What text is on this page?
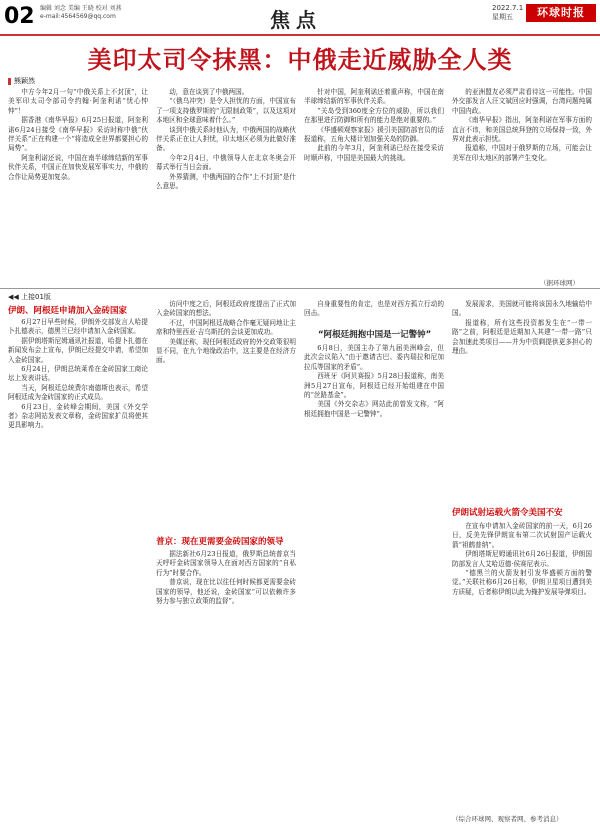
02 编辑 刘念 美编 王晓 校对 刘燕
e-mail:4564569@qq.com	焦点	2022.7.1
星期五	环球时报
美印太司令抹黑：中俄走近威胁全人类
熊颖然

中方今年2月一句“中俄关系上不封顶”，让美军印太司令部司令约翰·阿奎利诺“忧心忡忡”！

据香港《南华早报》6月25日报道，阿奎利诺6月24日接受《南华早报》采访时称中俄“伙伴关系”正在构建一个“将造成全世界都要担心的局势”。

阿奎利诺还说，中国在南半球缔结新的军事伙伴关系，中国正在加快发展军事实力，中俄的合作让局势更加复杂。

动，意在谈到了中俄两国。

“（俄乌冲突）是令人担忧的方面，中国宣布了一项支持俄罗斯的“无限制政策”，以及这项对本地区和全球意味着什么。”

谈到中俄关系时他认为，中俄两国的战略伙伴关系正在让人担忧，印太地区必须为此做好准备。

今年2月4日，中俄领导人在北京冬奥会开幕式举行当日会面。

外界猜测，中俄两国的合作“上不封顶”是什么意思。

针对中国，阿奎利诺还着重声称，中国在南半球缔结新的军事伙伴关系。

“关岛受到360度全方位的威胁，所以我们在那里进行防御和所有的能力是绝对重要的。”

《华盛顿观察家报》援引美国防部官员的话报道称，五角大楼计划加强关岛的防御。

此前的今年3月，阿奎利诺已经在接受采访时顺声称，中国是美国最大的挑战。

的亚洲盟友必须严肃看待这一可能性。中国外交部发言人汪文斌回应时强调，台湾问题纯属中国内政。

《南华早报》指出，阿奎利诺在军事方面的直言不讳，和美国总统拜登的立场保持一致，外界对此表示担忧。

报道称，中国对于俄罗斯的立场，可能会让美军在印太地区的部署产生变化。

（据环球网）
◀◀ 上接01版
伊朗、阿根廷申请加入金砖国家

6月27日早些时候，伊朗外交部发言人哈提卜扎德表示，德黑兰已经申请加入金砖国家。

据伊朗塔斯尼姆通讯社报道，哈提卜扎德在新闻发布会上宣布，伊朗已经提交申请，希望加入金砖国家。

6月24日，伊朗总统莱希在金砖国家工商论坛上发表讲话。

当天，阿根廷总统费尔南德斯也表示，希望阿根廷成为金砖国家的正式成员。

6月23日，金砖峰会期间，美国《外交学者》杂志网站发表文章称，金砖国家扩员将使其更具影响力。

访问中度之后，阿根廷政府度提出了正式加入金砖国家的想法。

不过，中国阿根廷战略合作毫无疑问地让主席和特里西亚·吉乌斯托的会谈更加成功。

美媒还称，现任阿根廷政府的外交政策很明显不同，在九个地缘政治中，这主要是在经济方面。

普京：现在更需要金砖国家的领导

据法新社6月23日报道，俄罗斯总统普京当天呼吁金砖国家领导人在面对西方国家的“自私行为”时要合作。

普京说，现在比以往任何时候都更需要金砖国家的领导，他还说，金砖国家“可以依赖许多努力参与独立政策的监督”。

自身重要性的肯定，也是对西方孤立行动的回击。

“阿根廷拥抱中国是一记警钟”

6月8日，美国主办了第九届美洲峰会，但此次会议陷入“由于邀请古巴、委内瑞拉和尼加拉瓜等国家的矛盾”。

西班牙《阿贝赛报》5月28日报道称，南美洲5月27日宣布，阿根廷已经开始组建在中国的“丝路基金”。

美国《外交杂志》网站此前曾发文称，“阿根廷拥抱中国是一记警钟”。

发展需求，美国就可能将该国永久地输给中国。

报道称，所有这些投资都发生在“一带一路”之前，阿根廷是近期加入其建“一带一路”只会加速此类项目——并为中资剩提供更多担心的理由。

伊朗试射运载火箭令美国不安

在宣布申请加入金砖国家的前一天，6月26日，反美先锋伊朗宣布第二次试射国产运载火箭“祖鹤普纳”。

伊朗塔斯尼姆通讯社6月26日报道，伊朗国防部发言人艾哈迈德·侯赛尼表示。

“德黑兰的火箭发射引发华盛顿方面的警觉。”关联社称6月26日称，伊朗卫星项目遭到美方质疑，后者称伊朗以此为掩护发展导弹项目。

（综合环球网、观察者网、参考消息）
